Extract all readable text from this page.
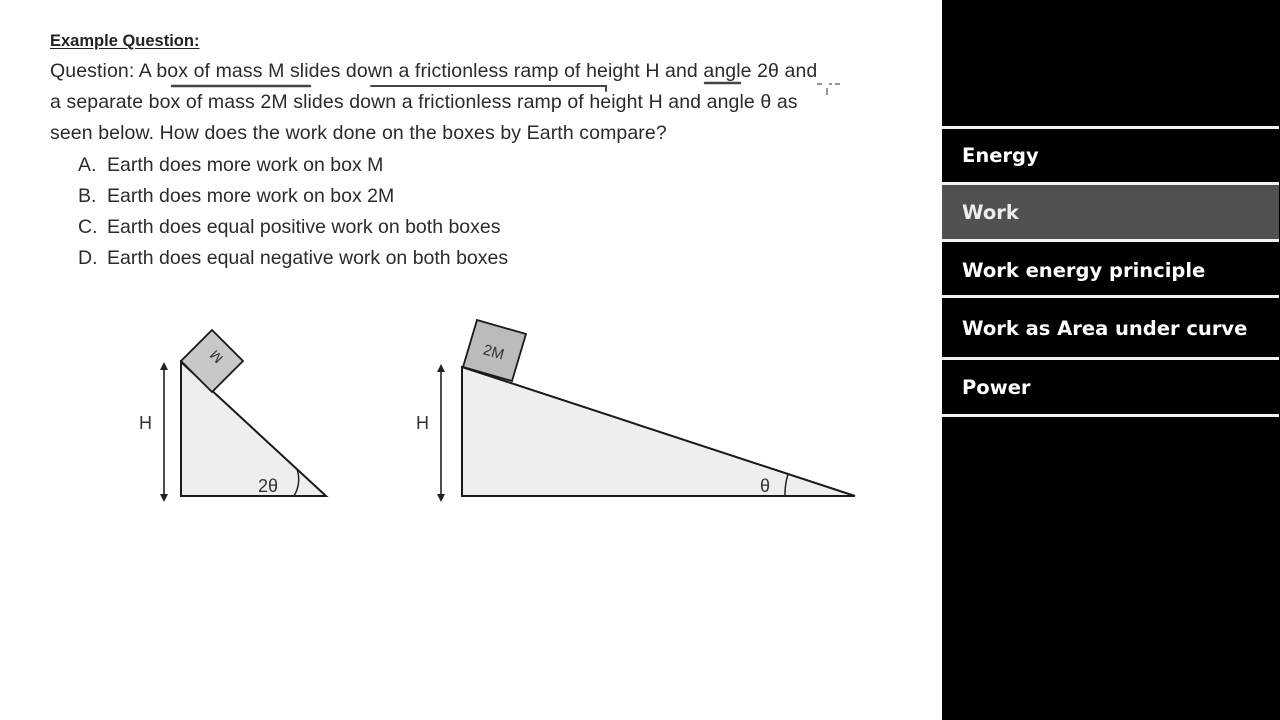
Example Question:
Question: A box of mass M slides down a frictionless ramp of height H and angle 2θ and
a separate box of mass 2M slides down a frictionless ramp of height H and angle θ as
seen below. How does the work done on the boxes by Earth compare?
A. Earth does more work on box M
B. Earth does more work on box 2M
C. Earth does equal positive work on both boxes
D. Earth does equal negative work on both boxes
H
2θ
M
H
θ
2M
Energy
Work
Work energy principle
Work as Area under curve
Power
